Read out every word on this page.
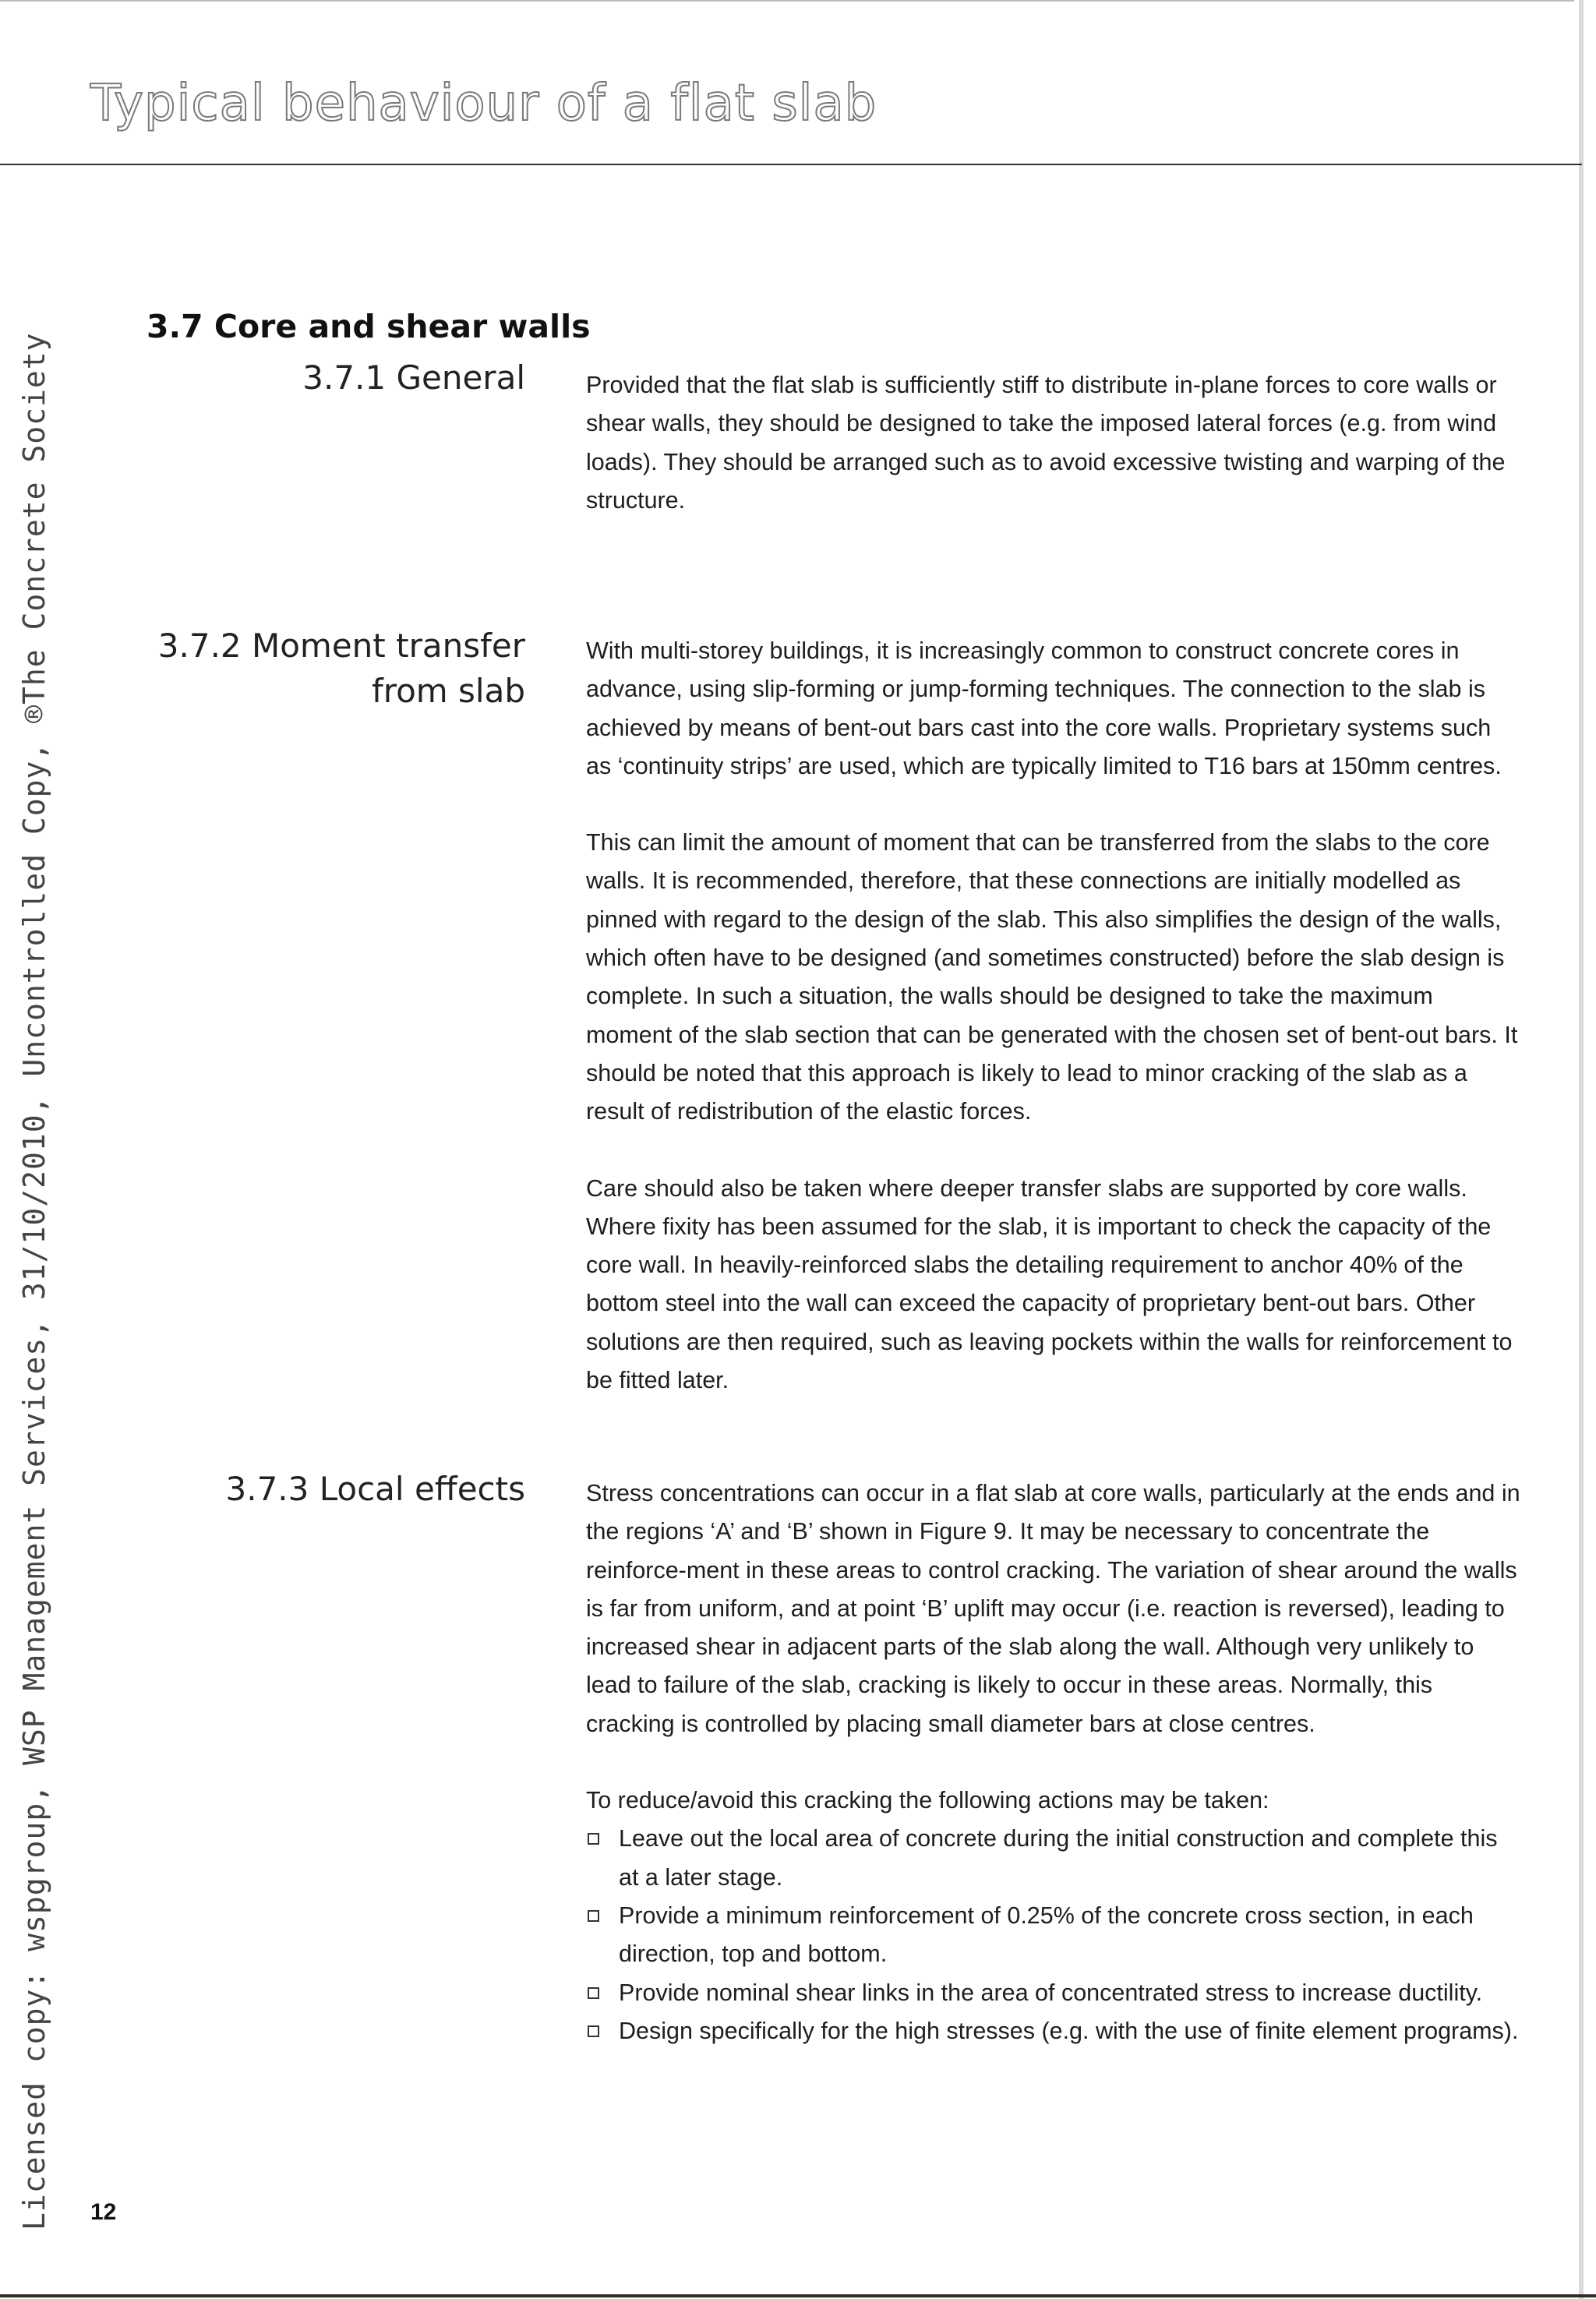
Typical behaviour of a flat slab
Licensed copy: wspgroup, WSP Management Services, 31/10/2010, Uncontrolled Copy, ®The Concrete Society
3.7 Core and shear walls
3.7.1 General	Provided that the flat slab is sufficiently stiff to distribute in-plane forces to core walls or shear walls, they should be designed to take the imposed lateral forces (e.g. from wind loads). They should be arranged such as to avoid excessive twisting and warping of the structure.

3.7.2 Moment transfer from slab

With multi-storey buildings, it is increasingly common to construct concrete cores in advance, using slip-forming or jump-forming techniques. The connection to the slab is achieved by means of bent-out bars cast into the core walls. Proprietary systems such as ‘continuity strips’ are used, which are typically limited to T16 bars at 150mm centres.

This can limit the amount of moment that can be transferred from the slabs to the core walls. It is recommended, therefore, that these connections are initially modelled as pinned with regard to the design of the slab. This also simplifies the design of the walls, which often have to be designed (and sometimes constructed) before the slab design is complete. In such a situation, the walls should be designed to take the maximum moment of the slab section that can be generated with the chosen set of bent-out bars. It should be noted that this approach is likely to lead to minor cracking of the slab as a result of redistribution of the elastic forces.

Care should also be taken where deeper transfer slabs are supported by core walls. Where fixity has been assumed for the slab, it is important to check the capacity of the core wall. In heavily-reinforced slabs the detailing requirement to anchor 40% of the bottom steel into the wall can exceed the capacity of proprietary bent-out bars. Other solutions are then required, such as leaving pockets within the walls for reinforcement to be fitted later.

3.7.3 Local effects	Stress concentrations can occur in a flat slab at core walls, particularly at the ends and in the regions ‘A’ and ‘B’ shown in Figure 9. It may be necessary to concentrate the reinforce-ment in these areas to control cracking. The variation of shear around the walls is far from uniform, and at point ‘B’ uplift may occur (i.e. reaction is reversed), leading to increased shear in adjacent parts of the slab along the wall. Although very unlikely to lead to failure of the slab, cracking is likely to occur in these areas. Normally, this cracking is controlled by placing small diameter bars at close centres.

To reduce/avoid this cracking the following actions may be taken:

Leave out the local area of concrete during the initial construction and complete this at a later stage.
Provide a minimum reinforcement of 0.25% of the concrete cross section, in each direction, top and bottom.
Provide nominal shear links in the area of concentrated stress to increase ductility.
Design specifically for the high stresses (e.g. with the use of finite element programs).
12
